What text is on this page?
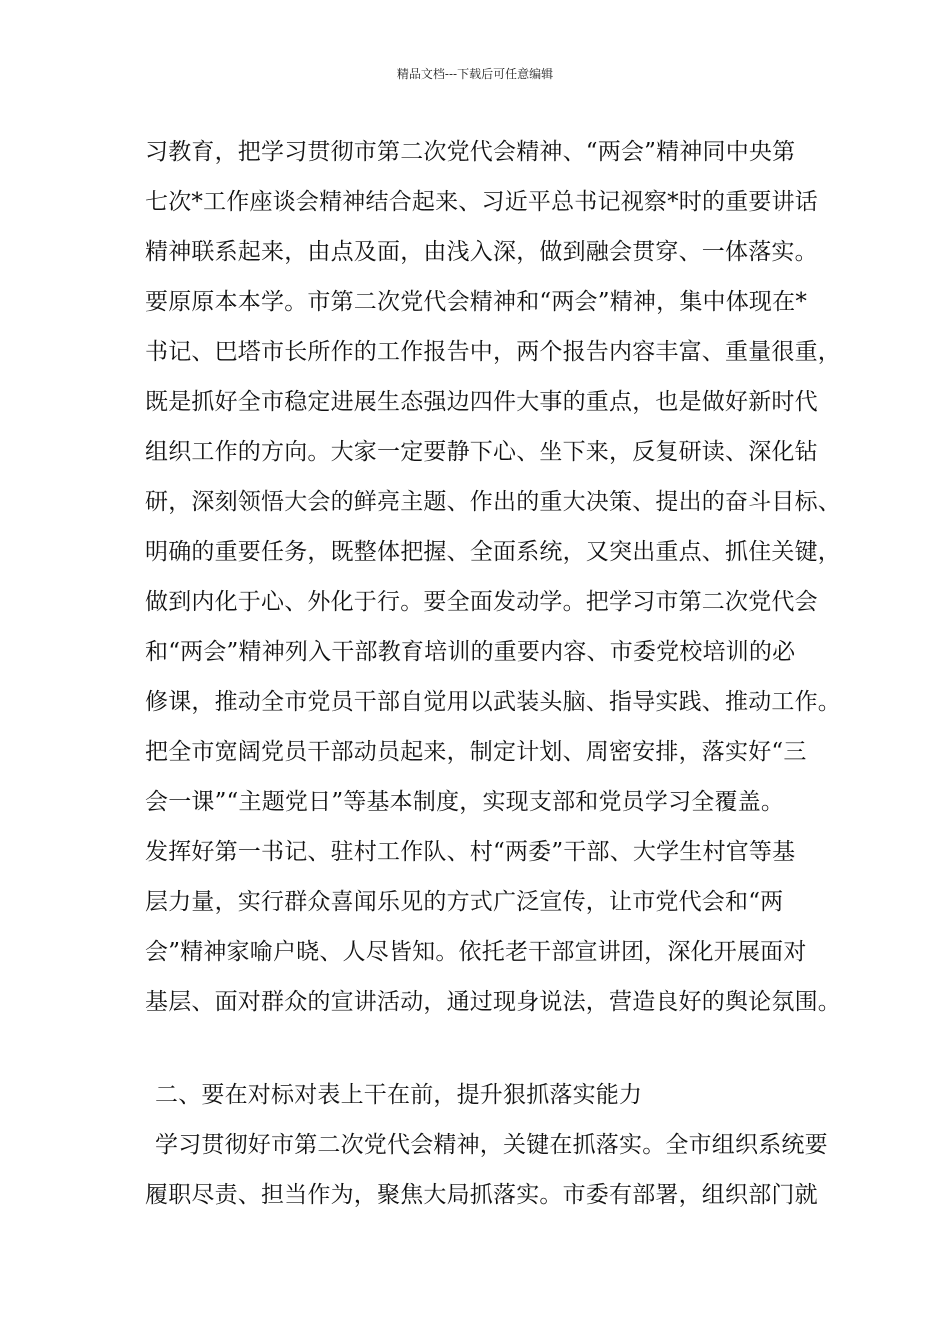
精品文档---下载后可任意编辑
习教育，把学习贯彻市第二次党代会精神、“两会”精神同中央第
七次*工作座谈会精神结合起来、习近平总书记视察*时的重要讲话
精神联系起来，由点及面，由浅入深，做到融会贯穿、一体落实。
要原原本本学。市第二次党代会精神和“两会”精神，集中体现在*
书记、巴塔市长所作的工作报告中，两个报告内容丰富、重量很重，
既是抓好全市稳定进展生态强边四件大事的重点，也是做好新时代
组织工作的方向。大家一定要静下心、坐下来，反复研读、深化钻
研，深刻领悟大会的鲜亮主题、作出的重大决策、提出的奋斗目标、
明确的重要任务，既整体把握、全面系统，又突出重点、抓住关键，
做到内化于心、外化于行。要全面发动学。把学习市第二次党代会
和“两会”精神列入干部教育培训的重要内容、市委党校培训的必
修课，推动全市党员干部自觉用以武装头脑、指导实践、推动工作。
把全市宽阔党员干部动员起来，制定计划、周密安排，落实好“三
会一课”“主题党日”等基本制度，实现支部和党员学习全覆盖。
发挥好第一书记、驻村工作队、村“两委”干部、大学生村官等基
层力量，实行群众喜闻乐见的方式广泛宣传，让市党代会和“两
会”精神家喻户晓、人尽皆知。依托老干部宣讲团，深化开展面对
基层、面对群众的宣讲活动，通过现身说法，营造良好的舆论氛围。
二、要在对标对表上干在前，提升狠抓落实能力
学习贯彻好市第二次党代会精神，关键在抓落实。全市组织系统要
履职尽责、担当作为，聚焦大局抓落实。市委有部署，组织部门就
